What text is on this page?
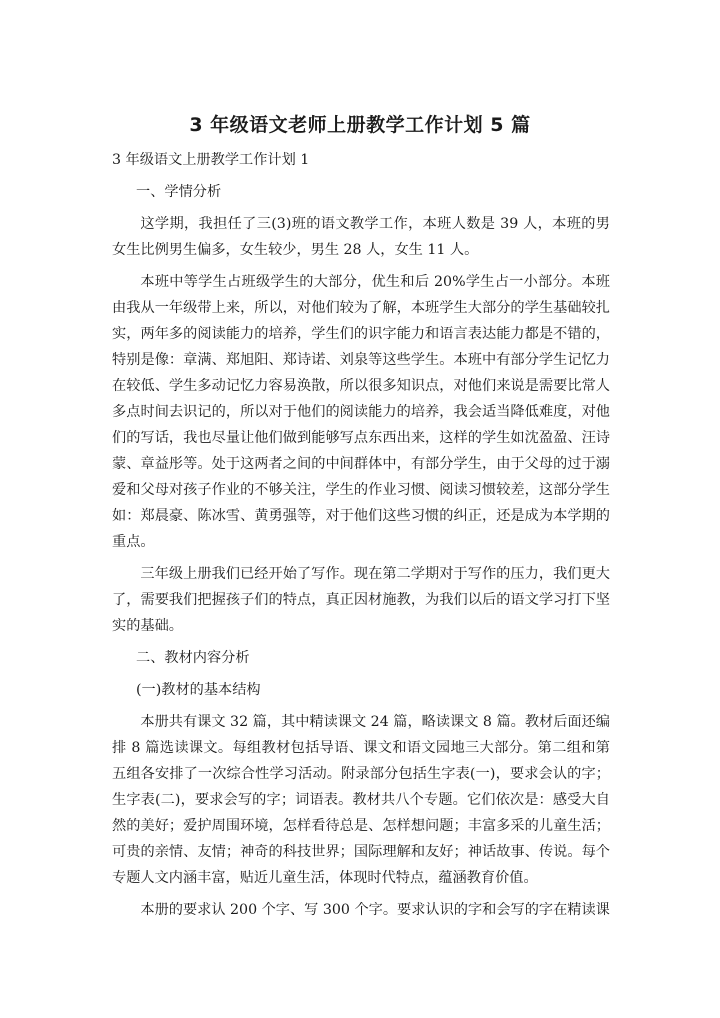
3 年级语文老师上册教学工作计划 5 篇

3 年级语文上册教学工作计划 1

一、学情分析

这学期，我担任了三(3)班的语文教学工作，本班人数是 39 人，本班的男女生比例男生偏多，女生较少，男生 28 人，女生 11 人。

本班中等学生占班级学生的大部分，优生和后 20%学生占一小部分。本班由我从一年级带上来，所以，对他们较为了解，本班学生大部分的学生基础较扎实，两年多的阅读能力的培养，学生们的识字能力和语言表达能力都是不错的，特别是像：章满、郑旭阳、郑诗诺、刘泉等这些学生。本班中有部分学生记忆力在较低、学生多动记忆力容易涣散，所以很多知识点，对他们来说是需要比常人多点时间去识记的，所以对于他们的阅读能力的培养，我会适当降低难度，对他们的写话，我也尽量让他们做到能够写点东西出来，这样的学生如沈盈盈、汪诗蒙、章益彤等。处于这两者之间的中间群体中，有部分学生，由于父母的过于溺爱和父母对孩子作业的不够关注，学生的作业习惯、阅读习惯较差，这部分学生如：郑晨豪、陈冰雪、黄勇强等，对于他们这些习惯的纠正，还是成为本学期的重点。

三年级上册我们已经开始了写作。现在第二学期对于写作的压力，我们更大了，需要我们把握孩子们的特点，真正因材施教，为我们以后的语文学习打下坚实的基础。

二、教材内容分析

(一)教材的基本结构

本册共有课文 32 篇，其中精读课文 24 篇，略读课文 8 篇。教材后面还编排 8 篇选读课文。每组教材包括导语、课文和语文园地三大部分。第二组和第五组各安排了一次综合性学习活动。附录部分包括生字表(一)，要求会认的字；生字表(二)，要求会写的字；词语表。教材共八个专题。它们依次是：感受大自然的美好；爱护周围环境，怎样看待总是、怎样想问题；丰富多采的儿童生活；可贵的亲情、友情；神奇的科技世界；国际理解和友好；神话故事、传说。每个专题人文内涵丰富，贴近儿童生活，体现时代特点，蕴涵教育价值。

本册的要求认 200 个字、写 300 个字。要求认识的字和会写的字在精读课
